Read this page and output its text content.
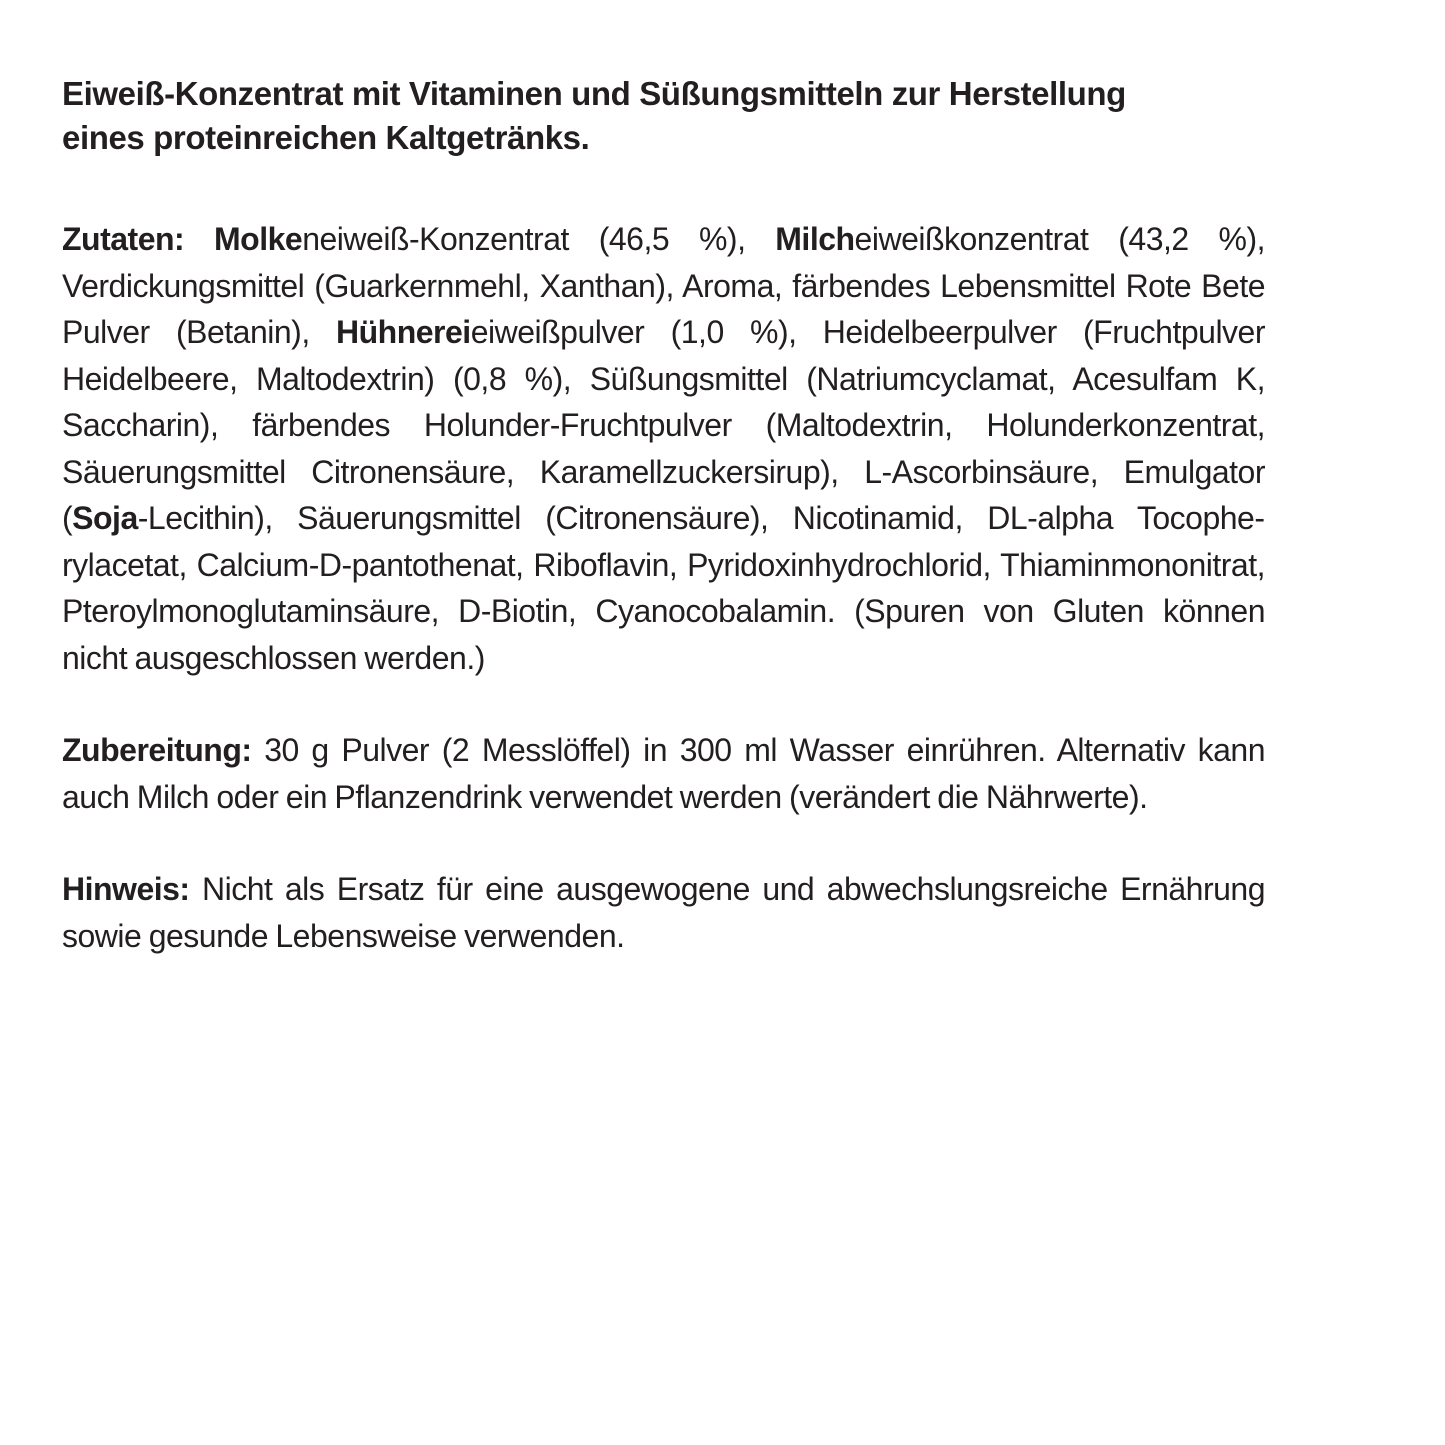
Eiweiß-Konzentrat mit Vitaminen und Süßungsmitteln zur Herstellung
eines proteinreichen Kaltgetränks.

Zutaten: Molkeneiweiß-Konzentrat (46,5 %), Milcheiweißkonzentrat (43,2 %), Verdickungsmittel (Guarkernmehl, Xanthan), Aroma, färbendes Lebensmittel Rote Bete Pulver (Betanin), Hühnereieiweißpulver (1,0 %), Heidelbeerpulver (Fruchtpulver Heidelbeere, Maltodextrin) (0,8 %), Süßungsmittel (Natriumcyclamat, Acesulfam K, Saccharin), färbendes Holunder-Fruchtpulver (Maltodextrin, Holunderkonzentrat, Säuerungsmittel Citronensäure, Karamellzuckersirup), L-Ascorbinsäure, Emulgator (Soja-Lecithin), Säuerungsmittel (Citronensäure), Nicotinamid, DL-alpha Tocopherylacetat, Calcium-D-pantothenat, Riboflavin, Pyridoxinhydrochlorid, Thiaminmononitrat, Pteroylmonoglutaminsäure, D-Biotin, Cyanocobalamin. (Spuren von Gluten können nicht ausgeschlossen werden.)

Zubereitung: 30 g Pulver (2 Messlöffel) in 300 ml Wasser einrühren. Alternativ kann auch Milch oder ein Pflanzendrink verwendet werden (verändert die Nährwerte).

Hinweis: Nicht als Ersatz für eine ausgewogene und abwechslungsreiche Ernährung sowie gesunde Lebensweise verwenden.
